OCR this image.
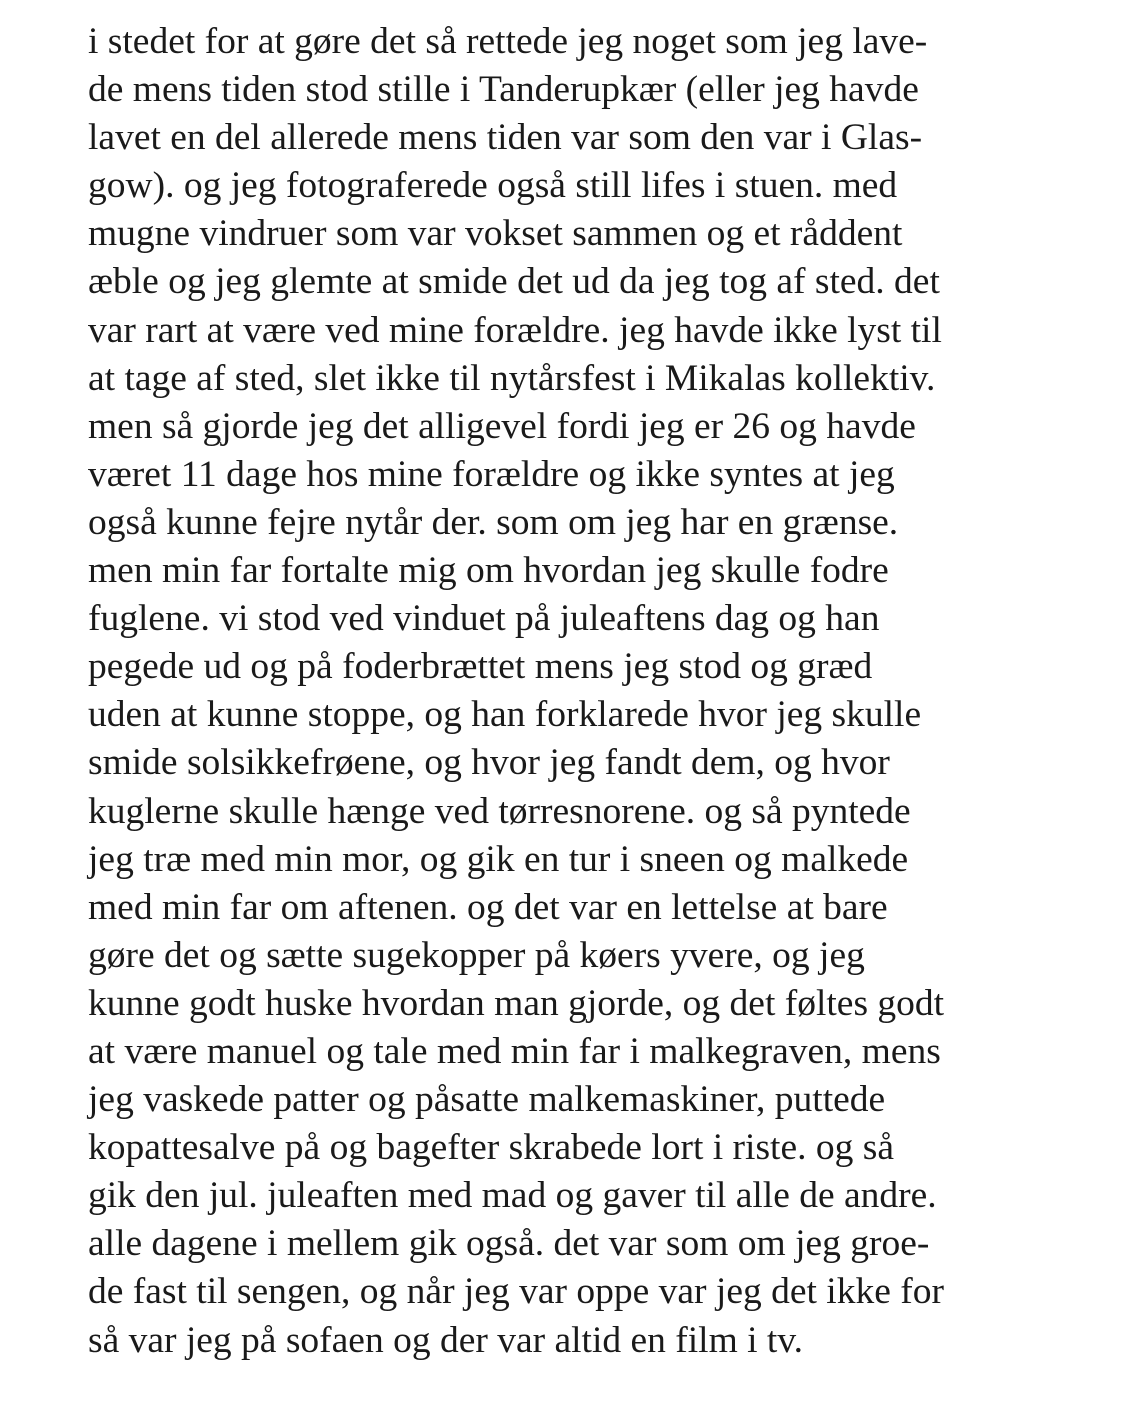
i stedet for at gøre det så rettede jeg noget som jeg lave-
de mens tiden stod stille i Tanderupkær (eller jeg havde
lavet en del allerede mens tiden var som den var i Glas-
gow). og jeg fotograferede også still lifes i stuen. med
mugne vindruer som var vokset sammen og et råddent
æble og jeg glemte at smide det ud da jeg tog af sted. det
var rart at være ved mine forældre. jeg havde ikke lyst til
at tage af sted, slet ikke til nytårsfest i Mikalas kollektiv.
men så gjorde jeg det alligevel fordi jeg er 26 og havde
været 11 dage hos mine forældre og ikke syntes at jeg
også kunne fejre nytår der. som om jeg har en grænse.
men min far fortalte mig om hvordan jeg skulle fodre
fuglene. vi stod ved vinduet på juleaftens dag og han
pegede ud og på foderbrættet mens jeg stod og græd
uden at kunne stoppe, og han forklarede hvor jeg skulle
smide solsikkefrøene, og hvor jeg fandt dem, og hvor
kuglerne skulle hænge ved tørresnorene. og så pyntede
jeg træ med min mor, og gik en tur i sneen og malkede
med min far om aftenen. og det var en lettelse at bare
gøre det og sætte sugekopper på køers yvere, og jeg
kunne godt huske hvordan man gjorde, og det føltes godt
at være manuel og tale med min far i malkegraven, mens
jeg vaskede patter og påsatte malkemaskiner, puttede
kopattesalve på og bagefter skrabede lort i riste. og så
gik den jul. juleaften med mad og gaver til alle de andre.
alle dagene i mellem gik også. det var som om jeg groe-
de fast til sengen, og når jeg var oppe var jeg det ikke for
så var jeg på sofaen og der var altid en film i tv.
